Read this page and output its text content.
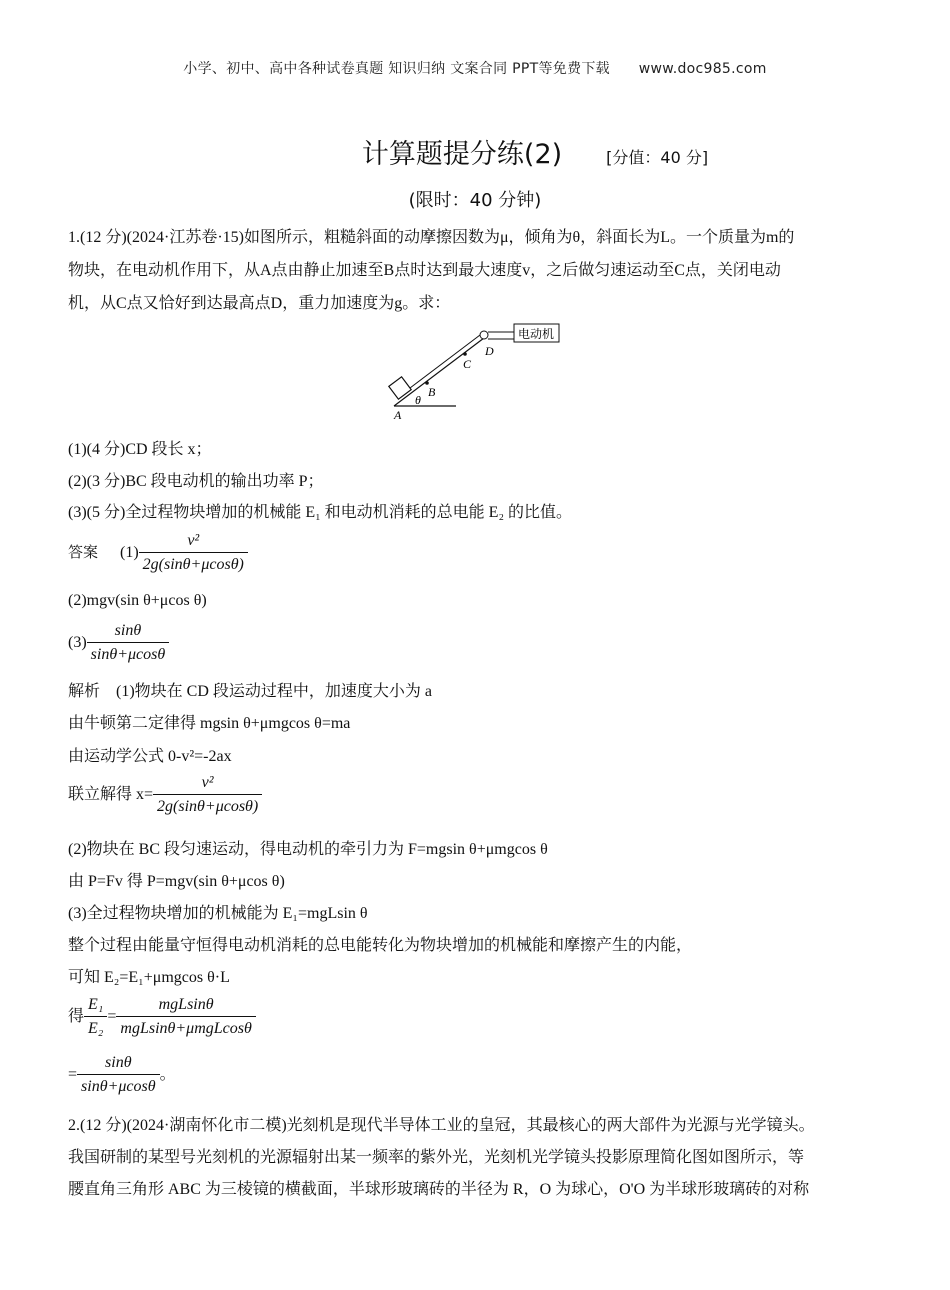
小学、初中、高中各种试卷真题 知识归纳 文案合同 PPT等免费下载 www.doc985.com
计算题提分练(2)	[分值：40 分]
(限时：40 分钟)
1.(12 分)(2024·江苏卷·15)如图所示，粗糙斜面的动摩擦因数为μ，倾角为θ，斜面长为L。一个质量为m的
物块，在电动机作用下，从A点由静止加速至B点时达到最大速度v，之后做匀速运动至C点，关闭电动
机，从C点又恰好到达最高点D，重力加速度为g。求：
电动机
A
B
C
D
θ
(1)(4 分)CD 段长 x；
(2)(3 分)BC 段电动机的输出功率 P；
(3)(5 分)全过程物块增加的机械能 E₁ 和电动机消耗的总电能 E₂ 的比值。
答案 $(1) \frac{\text{v²}}{2g(\sin\theta+\mu\cos\theta)}$
(2)mgv(sin θ+μcos θ)
$(3) \frac{\sin\theta}{\sin\theta+\mu\cos\theta}$
解析　(1)物块在 CD 段运动过程中，加速度大小为 a
由牛顿第二定律得 mgsin θ+μmgcos θ=ma
由运动学公式 0-v²=-2ax
联立解得 $x= \frac{\text{v²}}{2g(\sin\theta+\mu\cos\theta)}$
(2)物块在 BC 段匀速运动，得电动机的牵引力为 F=mgsin θ+μmgcos θ
由 P=Fv 得 P=mgv(sin θ+μcos θ)
(3)全过程物块增加的机械能为 E₁=mgLsin θ
整个过程由能量守恒得电动机消耗的总电能转化为物块增加的机械能和摩擦产生的内能，
可知 E₂=E₁+μmgcos θ·L
得 $\frac{\text{E₁}}{\text{E₂}} = \frac{\text{mgLsinθ}}{\text{mgLsinθ+μmgLcosθ}}$
= $\frac{\sin\theta}{\sin\theta+\mu\cos\theta}$ 。
2.(12 分)(2024·湖南怀化市二模)光刻机是现代半导体工业的皇冠，其最核心的两大部件为光源与光学镜头。
我国研制的某型号光刻机的光源辐射出某一频率的紫外光，光刻机光学镜头投影原理简化图如图所示，等
腰直角三角形 ABC 为三棱镜的横截面，半球形玻璃砖的半径为 R，O 为球心，O'O 为半球形玻璃砖的对称
